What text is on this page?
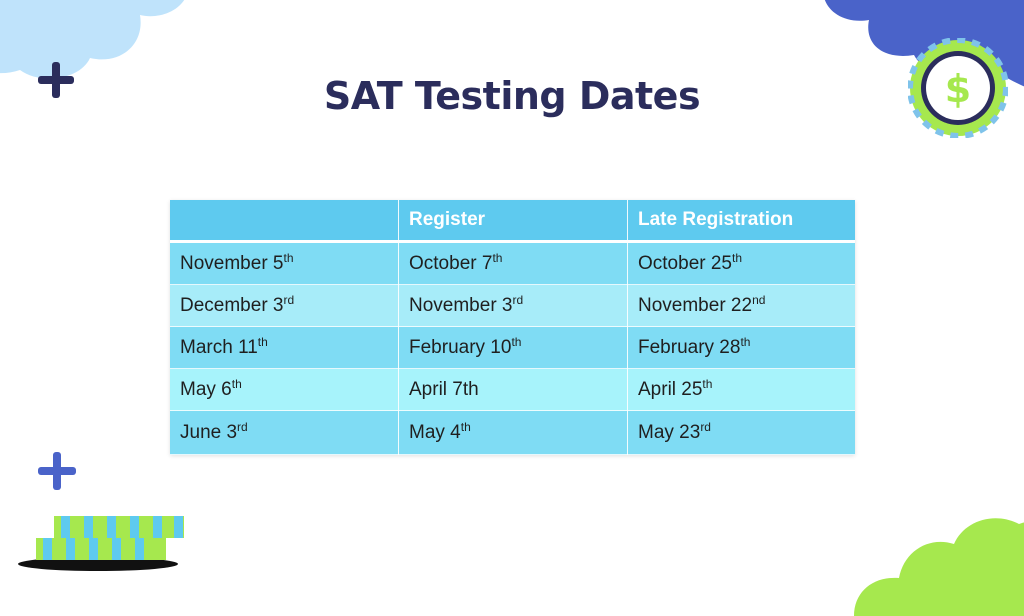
$
SAT Testing Dates
	Register	Late Registration
November 5th	October 7th	October 25th
December 3rd	November 3rd	November 22nd
March 11th	February 10th	February 28th
May 6th	April 7th	April 25th
June 3rd	May 4th	May 23rd
